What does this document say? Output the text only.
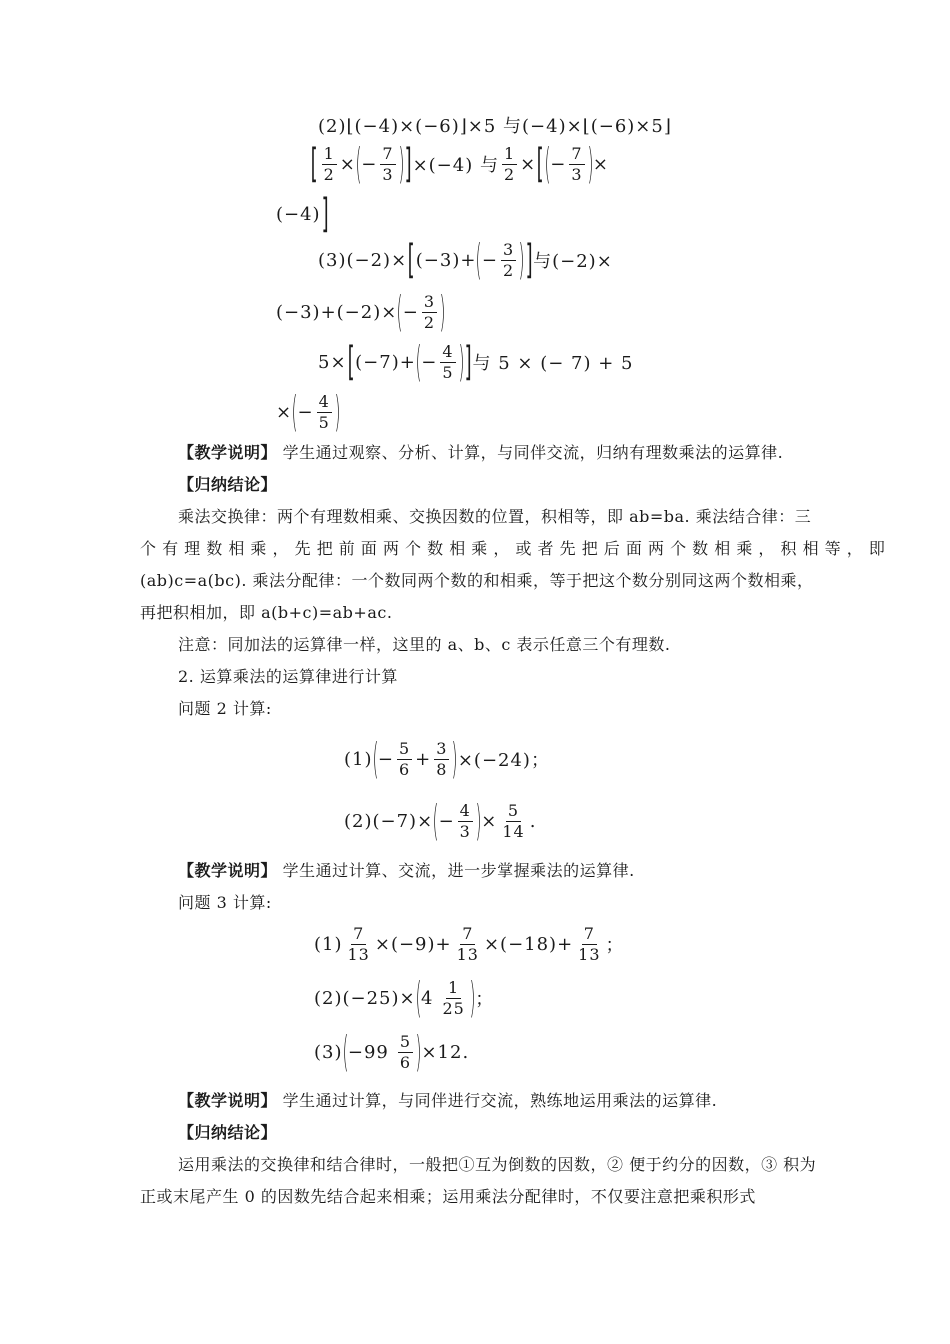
(2)⌊(−4)×(−6)⌋×5 与(−4)×⌊(−6)×5⌋
[ $\frac{1}{2}$ × ( − $\frac{7}{3}$ ) ] ×(−4) 与 $\frac{1}{2}$ × [ ( − $\frac{7}{3}$ ) ×
(−4) ]
(3)(−2)× [ (−3)+ ( − $\frac{3}{2}$ ) ] 与(−2)×
(−3)+(−2)× ( − $\frac{3}{2}$ )
5× [ (−7)+ ( − $\frac{4}{5}$ ) ] 与 5 × (− 7) + 5
× ( − $\frac{4}{5}$ )
【教学说明】 学生通过观察、分析、计算，与同伴交流，归纳有理数乘法的运算律.
【归纳结论】
乘法交换律：两个有理数相乘、交换因数的位置，积相等，即 ab=ba. 乘法结合律：三
个 有 理 数 相 乘 ， 先 把 前 面 两 个 数 相 乘 ， 或 者 先 把 后 面 两 个 数 相 乘 ， 积 相 等 ， 即
(ab)c=a(bc). 乘法分配律：一个数同两个数的和相乘，等于把这个数分别同这两个数相乘，
再把积相加，即 a(b+c)=ab+ac.
注意：同加法的运算律一样，这里的 a、b、c 表示任意三个有理数.
2. 运算乘法的运算律进行计算
问题 2 计算:
(1) ( − $\frac{5}{6} + \frac{3}{8}$ ) ×(−24)；
(2)(−7)× ( − $\frac{4}{3}$ ) × $\frac{5}{14}$ .
【教学说明】 学生通过计算、交流，进一步掌握乘法的运算律.
问题 3 计算:
$(1) \frac{7}{13} \times(-9)+ \frac{7}{13} \times(-18)+ \frac{7}{13}$ ；
(2)(−25)× ( $4 \frac{1}{25}$ ) ；
(3) ( $-99 \frac{5}{6}$ ) ×12.
【教学说明】 学生通过计算，与同伴进行交流，熟练地运用乘法的运算律.
【归纳结论】
运用乘法的交换律和结合律时，一般把①互为倒数的因数，② 便于约分的因数，③ 积为
正或末尾产生 0 的因数先结合起来相乘；运用乘法分配律时，不仅要注意把乘积形式
